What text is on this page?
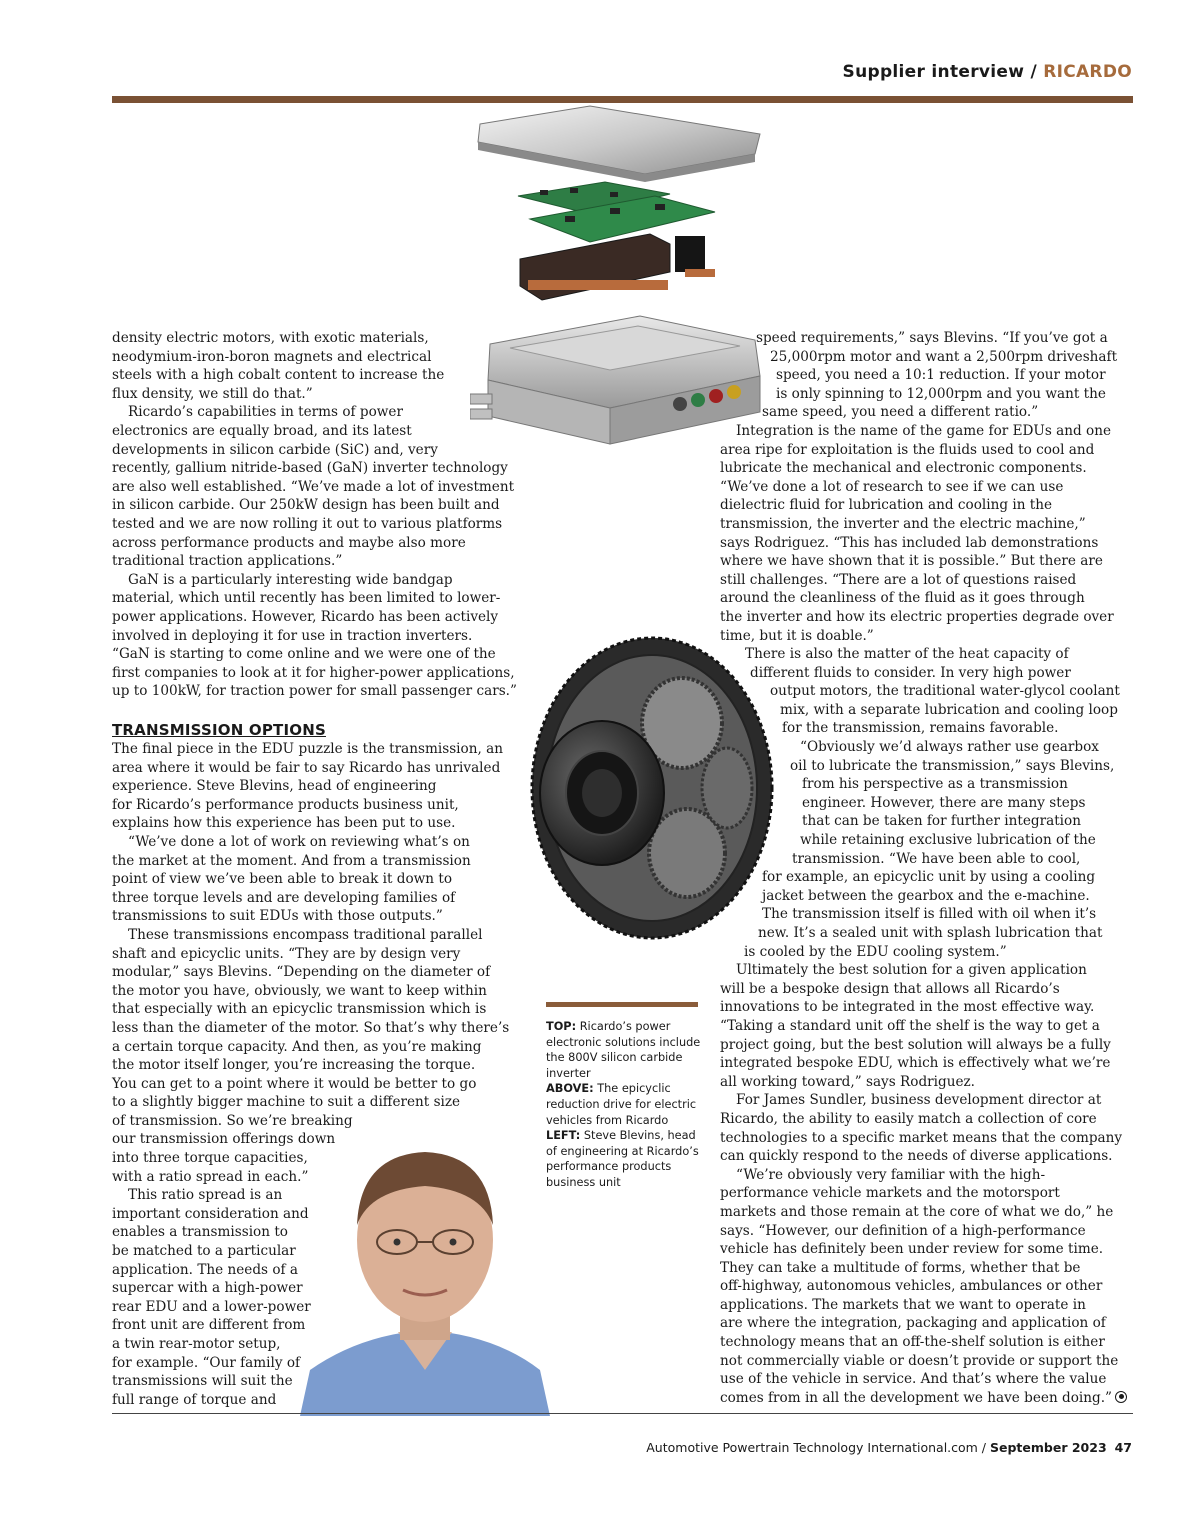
Supplier interview / RICARDO
density electric motors, with exotic materials,
neodymium-iron-boron magnets and electrical
steels with a high cobalt content to increase the
flux density, we still do that.”
Ricardo’s capabilities in terms of power
electronics are equally broad, and its latest
developments in silicon carbide (SiC) and, very
recently, gallium nitride-based (GaN) inverter technology
are also well established. “We’ve made a lot of investment
in silicon carbide. Our 250kW design has been built and
tested and we are now rolling it out to various platforms
across performance products and maybe also more
traditional traction applications.”
GaN is a particularly interesting wide bandgap
material, which until recently has been limited to lower-
power applications. However, Ricardo has been actively
involved in deploying it for use in traction inverters.
“GaN is starting to come online and we were one of the
first companies to look at it for higher-power applications,
up to 100kW, for traction power for small passenger cars.”
TRANSMISSION OPTIONS
The final piece in the EDU puzzle is the transmission, an
area where it would be fair to say Ricardo has unrivaled
experience. Steve Blevins, head of engineering
for Ricardo’s performance products business unit,
explains how this experience has been put to use.
“We’ve done a lot of work on reviewing what’s on
the market at the moment. And from a transmission
point of view we’ve been able to break it down to
three torque levels and are developing families of
transmissions to suit EDUs with those outputs.”
These transmissions encompass traditional parallel
shaft and epicyclic units. “They are by design very
modular,” says Blevins. “Depending on the diameter of
the motor you have, obviously, we want to keep within
that especially with an epicyclic transmission which is
less than the diameter of the motor. So that’s why there’s
a certain torque capacity. And then, as you’re making
the motor itself longer, you’re increasing the torque.
You can get to a point where it would be better to go
to a slightly bigger machine to suit a different size
of transmission. So we’re breaking
our transmission offerings down
into three torque capacities,
with a ratio spread in each.”
This ratio spread is an
important consideration and
enables a transmission to
be matched to a particular
application. The needs of a
supercar with a high-power
rear EDU and a lower-power
front unit are different from
a twin rear-motor setup,
for example. “Our family of
transmissions will suit the
full range of torque and
speed requirements,” says Blevins. “If you’ve got a
25,000rpm motor and want a 2,500rpm driveshaft
speed, you need a 10:1 reduction. If your motor
is only spinning to 12,000rpm and you want the
same speed, you need a different ratio.”
Integration is the name of the game for EDUs and one
area ripe for exploitation is the fluids used to cool and
lubricate the mechanical and electronic components.
“We’ve done a lot of research to see if we can use
dielectric fluid for lubrication and cooling in the
transmission, the inverter and the electric machine,”
says Rodriguez. “This has included lab demonstrations
where we have shown that it is possible.” But there are
still challenges. “There are a lot of questions raised
around the cleanliness of the fluid as it goes through
the inverter and how its electric properties degrade over
time, but it is doable.”
There is also the matter of the heat capacity of
different fluids to consider. In very high power
output motors, the traditional water-glycol coolant
mix, with a separate lubrication and cooling loop
for the transmission, remains favorable.
“Obviously we’d always rather use gearbox
oil to lubricate the transmission,” says Blevins,
from his perspective as a transmission
engineer. However, there are many steps
that can be taken for further integration
while retaining exclusive lubrication of the
transmission. “We have been able to cool,
for example, an epicyclic unit by using a cooling
jacket between the gearbox and the e-machine.
The transmission itself is filled with oil when it’s
new. It’s a sealed unit with splash lubrication that
is cooled by the EDU cooling system.”
Ultimately the best solution for a given application
will be a bespoke design that allows all Ricardo’s
innovations to be integrated in the most effective way.
“Taking a standard unit off the shelf is the way to get a
project going, but the best solution will always be a fully
integrated bespoke EDU, which is effectively what we’re
all working toward,” says Rodriguez.
For James Sundler, business development director at
Ricardo, the ability to easily match a collection of core
technologies to a specific market means that the company
can quickly respond to the needs of diverse applications.
“We’re obviously very familiar with the high-
performance vehicle markets and the motorsport
markets and those remain at the core of what we do,” he
says. “However, our definition of a high-performance
vehicle has definitely been under review for some time.
They can take a multitude of forms, whether that be
off-highway, autonomous vehicles, ambulances or other
applications. The markets that we want to operate in
are where the integration, packaging and application of
technology means that an off-the-shelf solution is either
not commercially viable or doesn’t provide or support the
use of the vehicle in service. And that’s where the value
comes from in all the development we have been doing.”
TOP: Ricardo’s power electronic solutions include the 800V silicon carbide inverter
ABOVE: The epicyclic reduction drive for electric vehicles from Ricardo
LEFT: Steve Blevins, head of engineering at Ricardo’s performance products business unit
Automotive Powertrain Technology International.com / September 2023 47
